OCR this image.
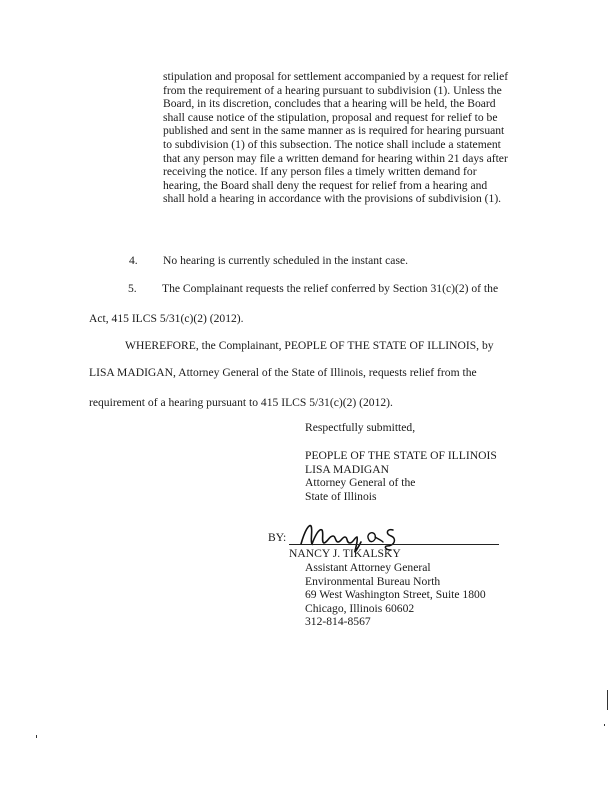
stipulation and proposal for settlement accompanied by a request for relief
from the requirement of a hearing pursuant to subdivision (1). Unless the
Board, in its discretion, concludes that a hearing will be held, the Board
shall cause notice of the stipulation, proposal and request for relief to be
published and sent in the same manner as is required for hearing pursuant
to subdivision (1) of this subsection. The notice shall include a statement
that any person may file a written demand for hearing within 21 days after
receiving the notice. If any person files a timely written demand for
hearing, the Board shall deny the request for relief from a hearing and
shall hold a hearing in accordance with the provisions of subdivision (1).
4. No hearing is currently scheduled in the instant case.
5. The Complainant requests the relief conferred by Section 31(c)(2) of the
Act, 415 ILCS 5/31(c)(2) (2012).
WHEREFORE, the Complainant, PEOPLE OF THE STATE OF ILLINOIS, by
LISA MADIGAN, Attorney General of the State of Illinois, requests relief from the
requirement of a hearing pursuant to 415 ILCS 5/31(c)(2) (2012).
Respectfully submitted,
PEOPLE OF THE STATE OF ILLINOIS
LISA MADIGAN
Attorney General of the
State of Illinois
BY:
NANCY J. TIKALSKY
Assistant Attorney General
Environmental Bureau North
69 West Washington Street, Suite 1800
Chicago, Illinois 60602
312-814-8567
